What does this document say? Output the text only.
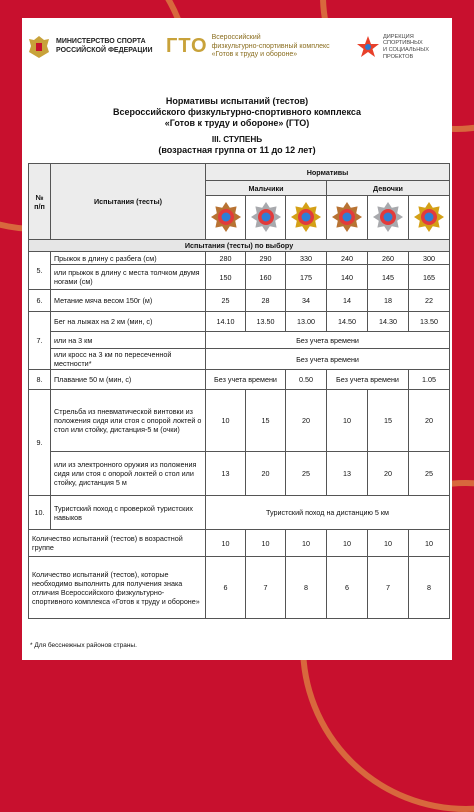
МИНИСТЕРСТВО СПОРТА
РОССИЙСКОЙ ФЕДЕРАЦИИ ГТО Всероссийский
физкультурно-спортивный комплекс
«Готов к труду и обороне»
ДИРЕКЦИЯ
СПОРТИВНЫХ
И СОЦИАЛЬНЫХ
ПРОЕКТОВ
Нормативы испытаний (тестов)
Всероссийского физкультурно-спортивного комплекса
«Готов к труду и обороне» (ГТО)
III. СТУПЕНЬ
(возрастная группа от 11 до 12 лет)
№
п/п	Испытания (тесты)	Нормативы					
		Мальчики			Девочки		

Испытания (тесты) по выбору							
5.	Прыжок в длину с разбега (см)	280	290	330	240	260	300
	или прыжок в длину с места толчком двумя ногами (см)	150	160	175	140	145	165
6.	Метание мяча весом 150г (м)	25	28	34	14	18	22
7.	Бег на лыжах на 2 км (мин, с)	14.10	13.50	13.00	14.50	14.30	13.50
	или на 3 км	Без учета времени					
	или кросс на 3 км по пересеченной местности*	Без учета времени					
8.	Плавание 50 м (мин, с)	Без учета времени		0.50	Без учета времени		1.05
9.	Стрельба из пневматической винтовки из положения сидя или стоя с опорой локтей о стол или стойку, дистанция-5 м (очки)	10	15	20	10	15	20
	или из электронного оружия из положения сидя или стоя с опорой локтей о стол или стойку, дистанция 5 м	13	20	25	13	20	25
10.	Туристский поход с проверкой туристских навыков	Туристский поход на дистанцию 5 км					
Количество испытаний (тестов) в возрастной группе		10	10	10	10	10	10
Количество испытаний (тестов), которые необходимо выполнить для получения знака отличия Всероссийского физкультурно-спортивного комплекса «Готов к труду и обороне»		6	7	8	6	7	8
* Для бесснежных районов страны.
